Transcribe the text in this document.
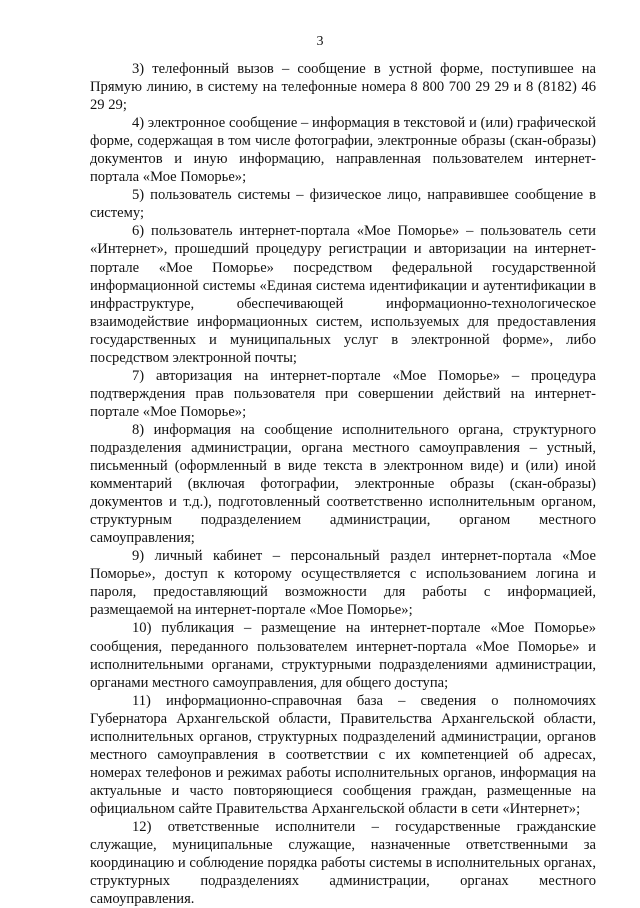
3

3) телефонный вызов – сообщение в устной форме, поступившее на Прямую линию, в систему на телефонные номера 8 800 700 29 29 и 8 (8182) 46 29 29;

4) электронное сообщение – информация в текстовой и (или) графической форме, содержащая в том числе фотографии, электронные образы (скан-образы) документов и иную информацию, направленная пользователем интернет-портала «Мое Поморье»;

5) пользователь системы – физическое лицо, направившее сообщение в систему;

6) пользователь интернет-портала «Мое Поморье» – пользователь сети «Интернет», прошедший процедуру регистрации и авторизации на интернет-портале «Мое Поморье» посредством федеральной государственной информационной системы «Единая система идентификации и аутентификации в инфраструктуре, обеспечивающей информационно-технологическое взаимодействие информационных систем, используемых для предоставления государственных и муниципальных услуг в электронной форме», либо посредством электронной почты;

7) авторизация на интернет-портале «Мое Поморье» – процедура подтверждения прав пользователя при совершении действий на интернет-портале «Мое Поморье»;

8) информация на сообщение исполнительного органа, структурного подразделения администрации, органа местного самоуправления – устный, письменный (оформленный в виде текста в электронном виде) и (или) иной комментарий (включая фотографии, электронные образы (скан-образы) документов и т.д.), подготовленный соответственно исполнительным органом, структурным подразделением администрации, органом местного самоуправления;

9) личный кабинет – персональный раздел интернет-портала «Мое Поморье», доступ к которому осуществляется с использованием логина и пароля, предоставляющий возможности для работы с информацией, размещаемой на интернет-портале «Мое Поморье»;

10) публикация – размещение на интернет-портале «Мое Поморье» сообщения, переданного пользователем интернет-портала «Мое Поморье» и исполнительными органами, структурными подразделениями администрации, органами местного самоуправления, для общего доступа;

11) информационно-справочная база – сведения о полномочиях Губернатора Архангельской области, Правительства Архангельской области, исполнительных органов, структурных подразделений администрации, органов местного самоуправления в соответствии с их компетенцией об адресах, номерах телефонов и режимах работы исполнительных органов, информация на актуальные и часто повторяющиеся сообщения граждан, размещенные на официальном сайте Правительства Архангельской области в сети «Интернет»;

12) ответственные исполнители – государственные гражданские служащие, муниципальные служащие, назначенные ответственными за координацию и соблюдение порядка работы системы в исполнительных органах, структурных подразделениях администрации, органах местного самоуправления.
